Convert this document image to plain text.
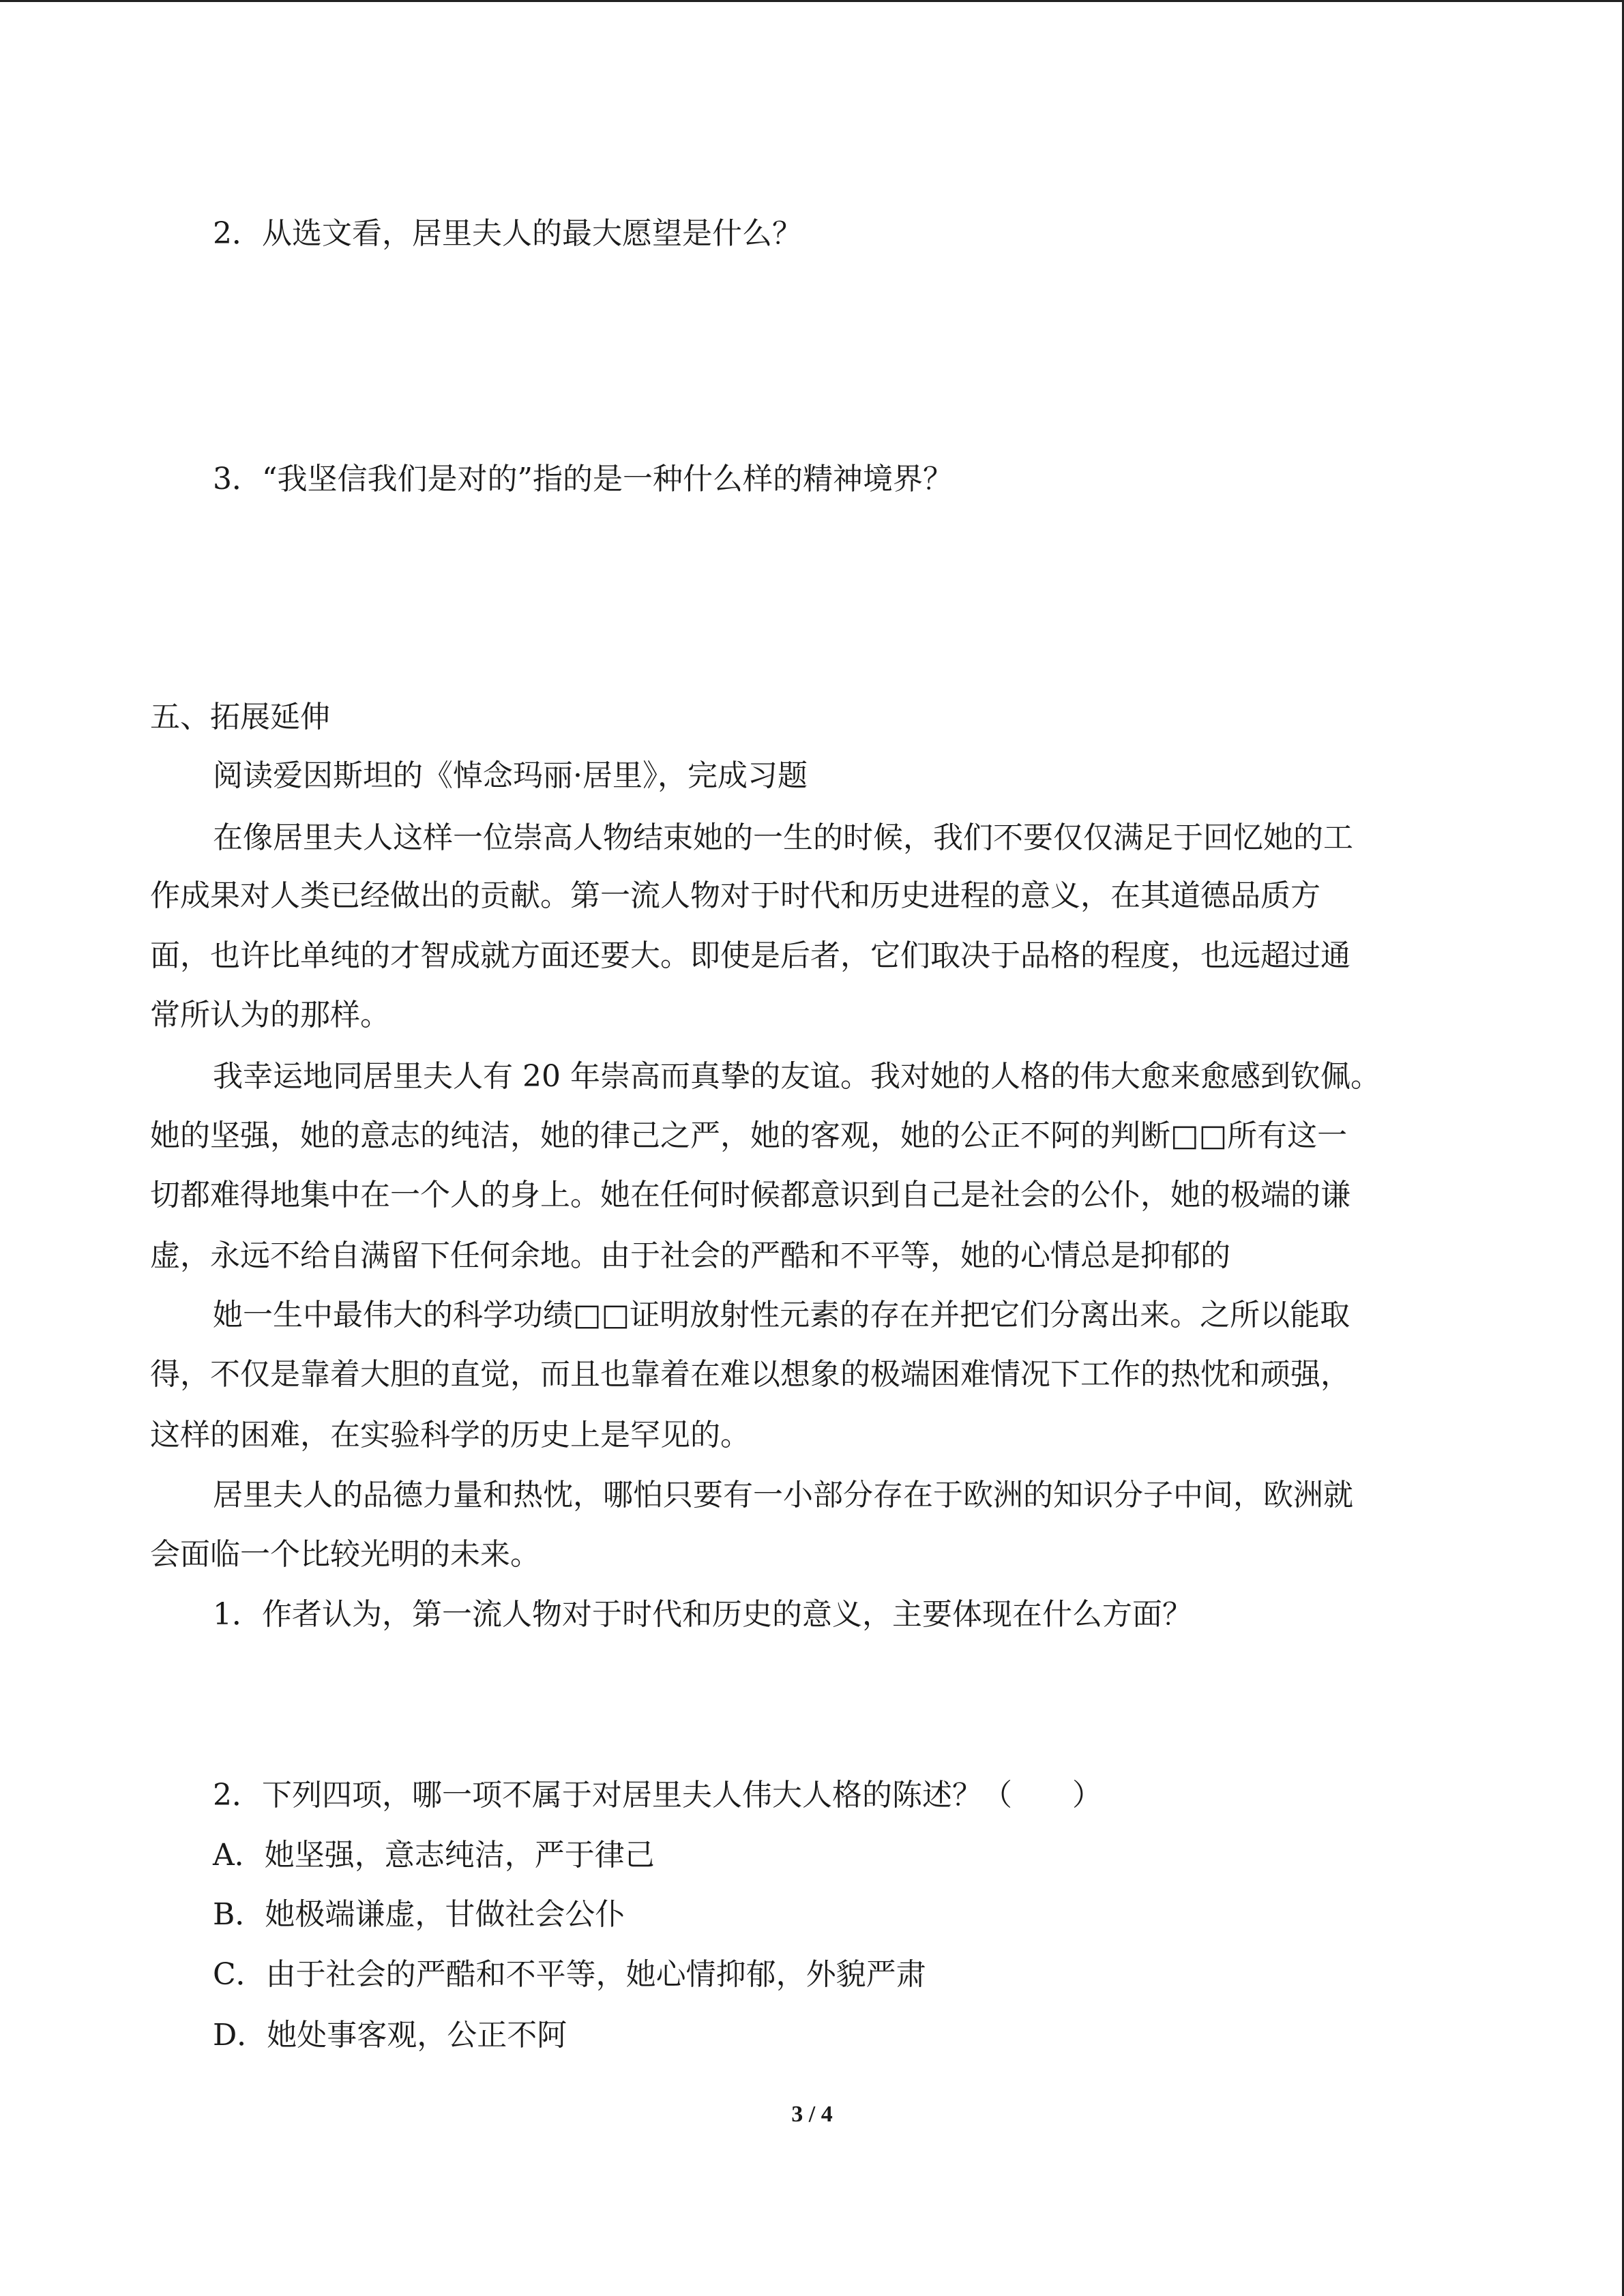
2．从选文看，居里夫人的最大愿望是什么？
3．“我坚信我们是对的”指的是一种什么样的精神境界？
五、拓展延伸
阅读爱因斯坦的《悼念玛丽·居里》，完成习题
在像居里夫人这样一位崇高人物结束她的一生的时候，我们不要仅仅满足于回忆她的工
作成果对人类已经做出的贡献。第一流人物对于时代和历史进程的意义，在其道德品质方
面，也许比单纯的才智成就方面还要大。即使是后者，它们取决于品格的程度，也远超过通
常所认为的那样。
我幸运地同居里夫人有 20 年崇高而真挚的友谊。我对她的人格的伟大愈来愈感到钦佩。
她的坚强，她的意志的纯洁，她的律己之严，她的客观，她的公正不阿的判断□□所有这一
切都难得地集中在一个人的身上。她在任何时候都意识到自己是社会的公仆，她的极端的谦
虚，永远不给自满留下任何余地。由于社会的严酷和不平等，她的心情总是抑郁的
她一生中最伟大的科学功绩□□证明放射性元素的存在并把它们分离出来。之所以能取
得，不仅是靠着大胆的直觉，而且也靠着在难以想象的极端困难情况下工作的热忱和顽强，
这样的困难，在实验科学的历史上是罕见的。
居里夫人的品德力量和热忱，哪怕只要有一小部分存在于欧洲的知识分子中间，欧洲就
会面临一个比较光明的未来。
1．作者认为，第一流人物对于时代和历史的意义，主要体现在什么方面？
2．下列四项，哪一项不属于对居里夫人伟大人格的陈述？（　　）
A．她坚强，意志纯洁，严于律己
B．她极端谦虚，甘做社会公仆
C．由于社会的严酷和不平等，她心情抑郁，外貌严肃
D．她处事客观，公正不阿
3 / 4
